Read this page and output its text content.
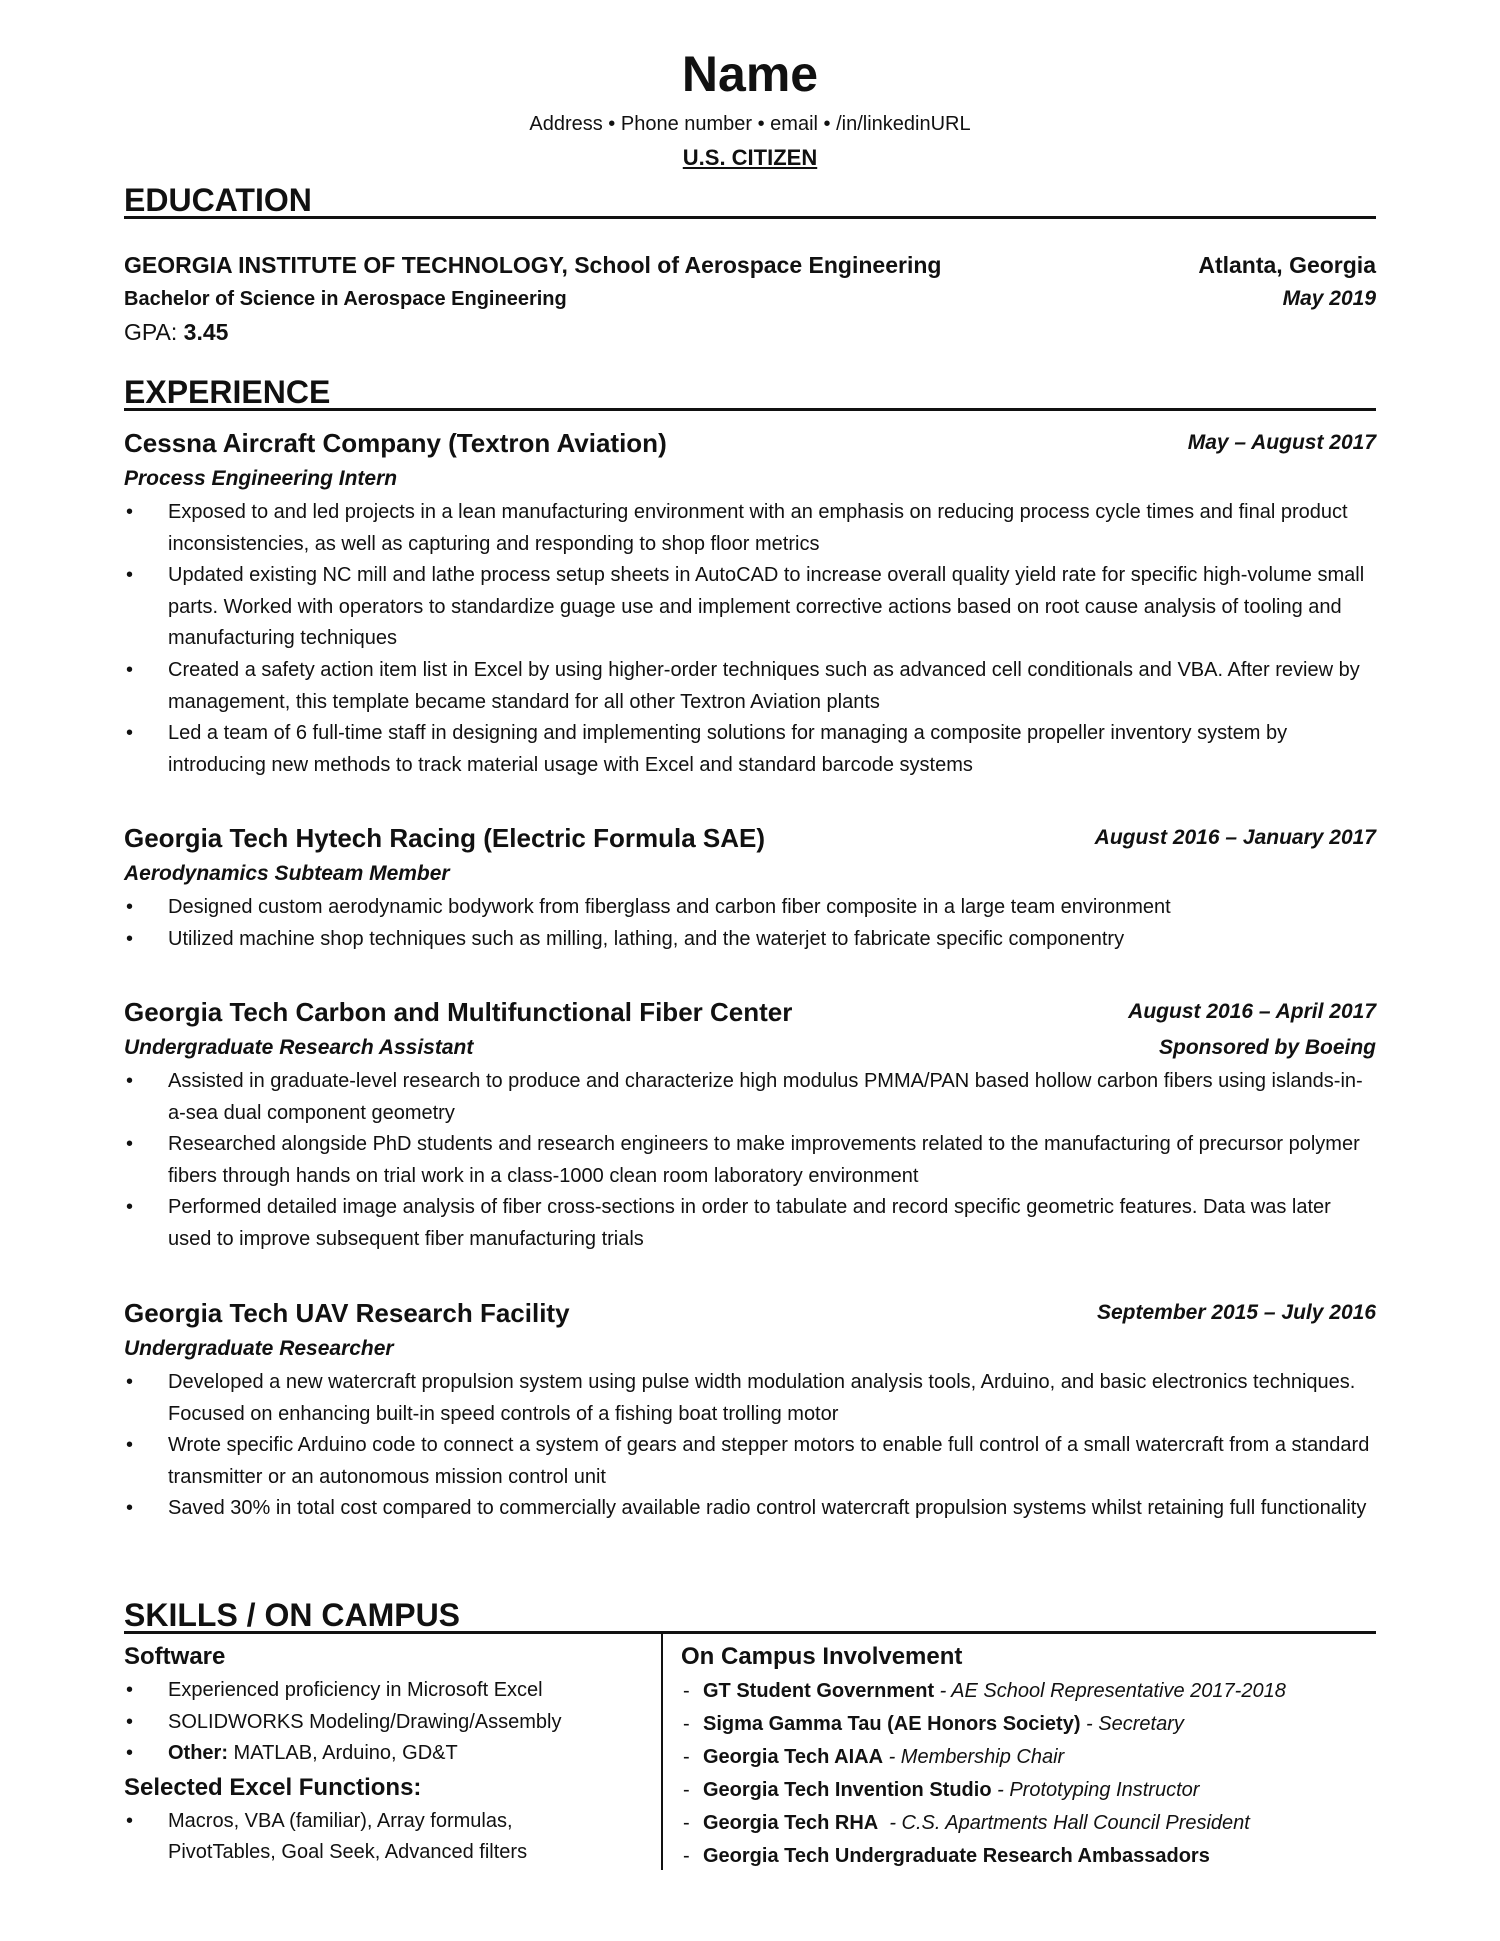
Name
Address • Phone number • email • /in/linkedinURL
U.S. CITIZEN
EDUCATION
GEORGIA INSTITUTE OF TECHNOLOGY, School of Aerospace Engineering	Atlanta, Georgia
Bachelor of Science in Aerospace Engineering	May 2019
GPA: 3.45
EXPERIENCE
Cessna Aircraft Company (Textron Aviation)	May – August 2017
Process Engineering Intern
• Exposed to and led projects in a lean manufacturing environment with an emphasis on reducing process cycle times and final product inconsistencies, as well as capturing and responding to shop floor metrics
• Updated existing NC mill and lathe process setup sheets in AutoCAD to increase overall quality yield rate for specific high-volume small parts. Worked with operators to standardize guage use and implement corrective actions based on root cause analysis of tooling and manufacturing techniques
• Created a safety action item list in Excel by using higher-order techniques such as advanced cell conditionals and VBA. After review by management, this template became standard for all other Textron Aviation plants
• Led a team of 6 full-time staff in designing and implementing solutions for managing a composite propeller inventory system by introducing new methods to track material usage with Excel and standard barcode systems
Georgia Tech Hytech Racing (Electric Formula SAE)	August 2016 – January 2017
Aerodynamics Subteam Member
• Designed custom aerodynamic bodywork from fiberglass and carbon fiber composite in a large team environment
• Utilized machine shop techniques such as milling, lathing, and the waterjet to fabricate specific componentry
Georgia Tech Carbon and Multifunctional Fiber Center	August 2016 – April 2017
Undergraduate Research Assistant	Sponsored by Boeing
• Assisted in graduate-level research to produce and characterize high modulus PMMA/PAN based hollow carbon fibers using islands-in-a-sea dual component geometry
• Researched alongside PhD students and research engineers to make improvements related to the manufacturing of precursor polymer fibers through hands on trial work in a class-1000 clean room laboratory environment
• Performed detailed image analysis of fiber cross-sections in order to tabulate and record specific geometric features. Data was later used to improve subsequent fiber manufacturing trials
Georgia Tech UAV Research Facility	September 2015 – July 2016
Undergraduate Researcher
• Developed a new watercraft propulsion system using pulse width modulation analysis tools, Arduino, and basic electronics techniques. Focused on enhancing built-in speed controls of a fishing boat trolling motor
• Wrote specific Arduino code to connect a system of gears and stepper motors to enable full control of a small watercraft from a standard transmitter or an autonomous mission control unit
• Saved 30% in total cost compared to commercially available radio control watercraft propulsion systems whilst retaining full functionality
SKILLS / ON CAMPUS
Software
• Experienced proficiency in Microsoft Excel
• SOLIDWORKS Modeling/Drawing/Assembly
• Other: MATLAB, Arduino, GD&T
Selected Excel Functions:
• Macros, VBA (familiar), Array formulas, PivotTables, Goal Seek, Advanced filters
On Campus Involvement
- GT Student Government - AE School Representative 2017-2018
- Sigma Gamma Tau (AE Honors Society) - Secretary
- Georgia Tech AIAA - Membership Chair
- Georgia Tech Invention Studio - Prototyping Instructor
- Georgia Tech RHA  - C.S. Apartments Hall Council President
- Georgia Tech Undergraduate Research Ambassadors
